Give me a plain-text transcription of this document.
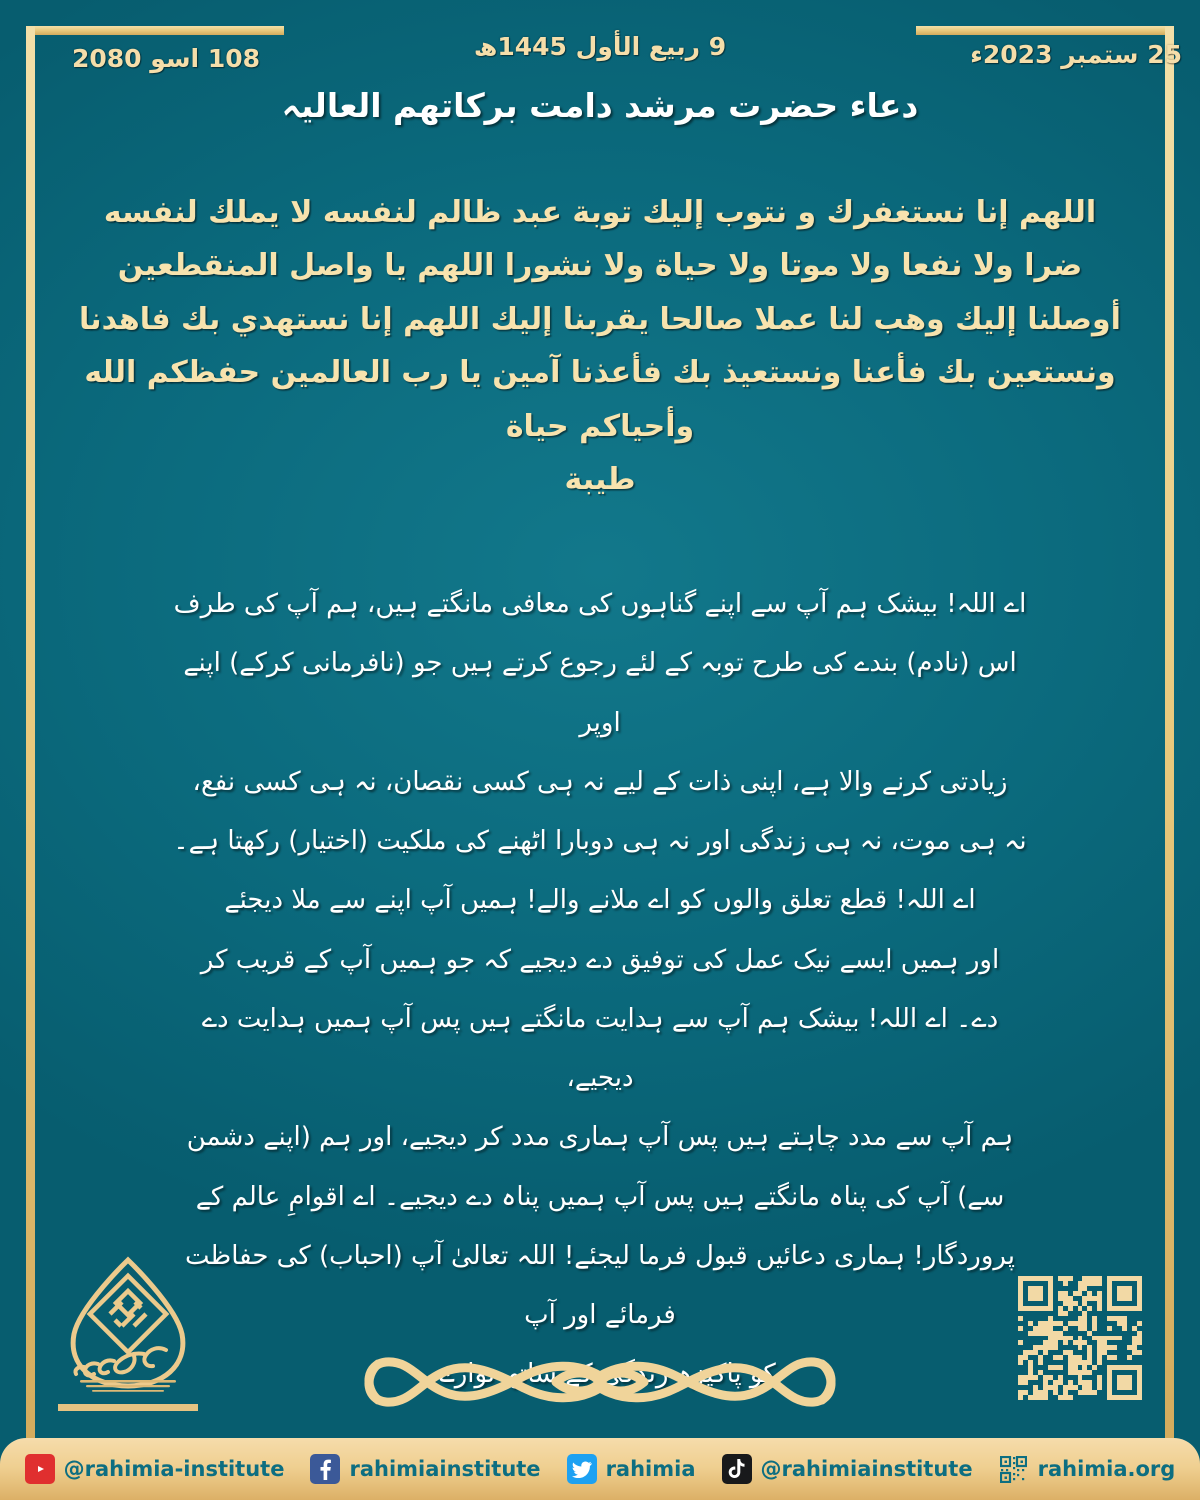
108 اسو 2080	9 ربیع الأول 1445ھ	25 ستمبر 2023ء
دعاء حضرت مرشد دامت برکاتھم العالیہ
اللهم إنا نستغفرك و نتوب إليك توبة عبد ظالم لنفسه لا يملك لنفسه
ضرا ولا نفعا ولا موتا ولا حياة ولا نشورا اللهم يا واصل المنقطعين
أوصلنا إليك وهب لنا عملا صالحا يقربنا إليك اللهم إنا نستهدي بك فاهدنا
ونستعين بك فأعنا ونستعيذ بك فأعذنا آمين يا رب العالمين حفظكم الله وأحياكم حياة
طيبة
اے اللہ! بیشک ہم آپ سے اپنے گناہوں کی معافی مانگتے ہیں، ہم آپ کی طرف
اس (نادم) بندے کی طرح توبہ کے لئے رجوع کرتے ہیں جو (نافرمانی کرکے) اپنے اوپر
زیادتی کرنے والا ہے، اپنی ذات کے لیے نہ ہی کسی نقصان، نہ ہی کسی نفع،
نہ ہی موت، نہ ہی زندگی اور نہ ہی دوبارا اٹھنے کی ملکیت (اختیار) رکھتا ہے۔
اے اللہ! قطع تعلق والوں کو اے ملانے والے! ہمیں آپ اپنے سے ملا دیجئے
اور ہمیں ایسے نیک عمل کی توفیق دے دیجیے کہ جو ہمیں آپ کے قریب کر
دے۔ اے اللہ! بیشک ہم آپ سے ہدایت مانگتے ہیں پس آپ ہمیں ہدایت دے دیجیے،
ہم آپ سے مدد چاہتے ہیں پس آپ ہماری مدد کر دیجیے، اور ہم (اپنے دشمن
سے) آپ کی پناہ مانگتے ہیں پس آپ ہمیں پناہ دے دیجیے۔ اے اقوامِ عالم کے
پروردگار! ہماری دعائیں قبول فرما لیجئے! اللہ تعالیٰ آپ (احباب) کی حفاظت فرمائے اور آپ
کو پاکیزہ زندگی کے ساتھ نوازے۔
@rahimia-institute	rahimiainstitute	rahimia	@rahimiainstitute	rahimia.org
